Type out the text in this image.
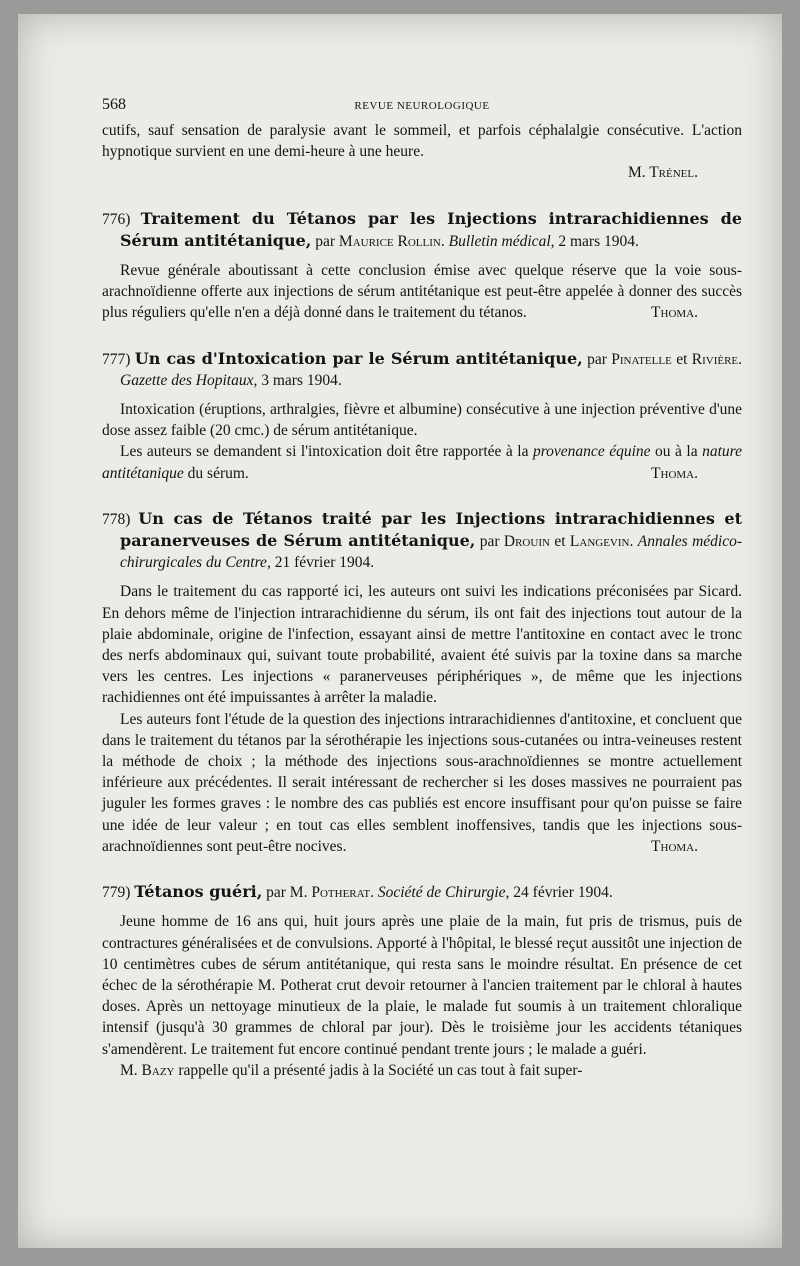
568	REVUE NEUROLOGIQUE

cutifs, sauf sensation de paralysie avant le sommeil, et parfois céphalalgie consécutive. L'action hypnotique survient en une demi-heure à une heure.

M. Trénel.

776) Traitement du Tétanos par les Injections intrarachidiennes de Sérum antitétanique, par Maurice Rollin. Bulletin médical, 2 mars 1904.

Revue générale aboutissant à cette conclusion émise avec quelque réserve que la voie sous-arachnoïdienne offerte aux injections de sérum antitétanique est peut-être appelée à donner des succès plus réguliers qu'elle n'en a déjà donné dans le traitement du tétanos.	Thoma.

777) Un cas d'Intoxication par le Sérum antitétanique, par Pinatelle et Rivière. Gazette des Hopitaux, 3 mars 1904.

Intoxication (éruptions, arthralgies, fièvre et albumine) consécutive à une injection préventive d'une dose assez faible (20 cmc.) de sérum antitétanique.

Les auteurs se demandent si l'intoxication doit être rapportée à la provenance équine ou à la nature antitétanique du sérum.	Thoma.

778) Un cas de Tétanos traité par les Injections intrarachidiennes et paranerveuses de Sérum antitétanique, par Drouin et Langevin. Annales médico-chirurgicales du Centre, 21 février 1904.

Dans le traitement du cas rapporté ici, les auteurs ont suivi les indications préconisées par Sicard. En dehors même de l'injection intrarachidienne du sérum, ils ont fait des injections tout autour de la plaie abdominale, origine de l'infection, essayant ainsi de mettre l'antitoxine en contact avec le tronc des nerfs abdominaux qui, suivant toute probabilité, avaient été suivis par la toxine dans sa marche vers les centres. Les injections « paranerveuses périphériques », de même que les injections rachidiennes ont été impuissantes à arrêter la maladie.

Les auteurs font l'étude de la question des injections intrarachidiennes d'antitoxine, et concluent que dans le traitement du tétanos par la sérothérapie les injections sous-cutanées ou intra-veineuses restent la méthode de choix ; la méthode des injections sous-arachnoïdiennes se montre actuellement inférieure aux précédentes. Il serait intéressant de rechercher si les doses massives ne pourraient pas juguler les formes graves : le nombre des cas publiés est encore insuffisant pour qu'on puisse se faire une idée de leur valeur ; en tout cas elles semblent inoffensives, tandis que les injections sous-arachnoïdiennes sont peut-être nocives.	Thoma.

779) Tétanos guéri, par M. Potherat. Société de Chirurgie, 24 février 1904.

Jeune homme de 16 ans qui, huit jours après une plaie de la main, fut pris de trismus, puis de contractures généralisées et de convulsions. Apporté à l'hôpital, le blessé reçut aussitôt une injection de 10 centimètres cubes de sérum antitétanique, qui resta sans le moindre résultat. En présence de cet échec de la sérothérapie M. Potherat crut devoir retourner à l'ancien traitement par le chloral à hautes doses. Après un nettoyage minutieux de la plaie, le malade fut soumis à un traitement chloralique intensif (jusqu'à 30 grammes de chloral par jour). Dès le troisième jour les accidents tétaniques s'amendèrent. Le traitement fut encore continué pendant trente jours ; le malade a guéri.

M. Bazy rappelle qu'il a présenté jadis à la Société un cas tout à fait super-
